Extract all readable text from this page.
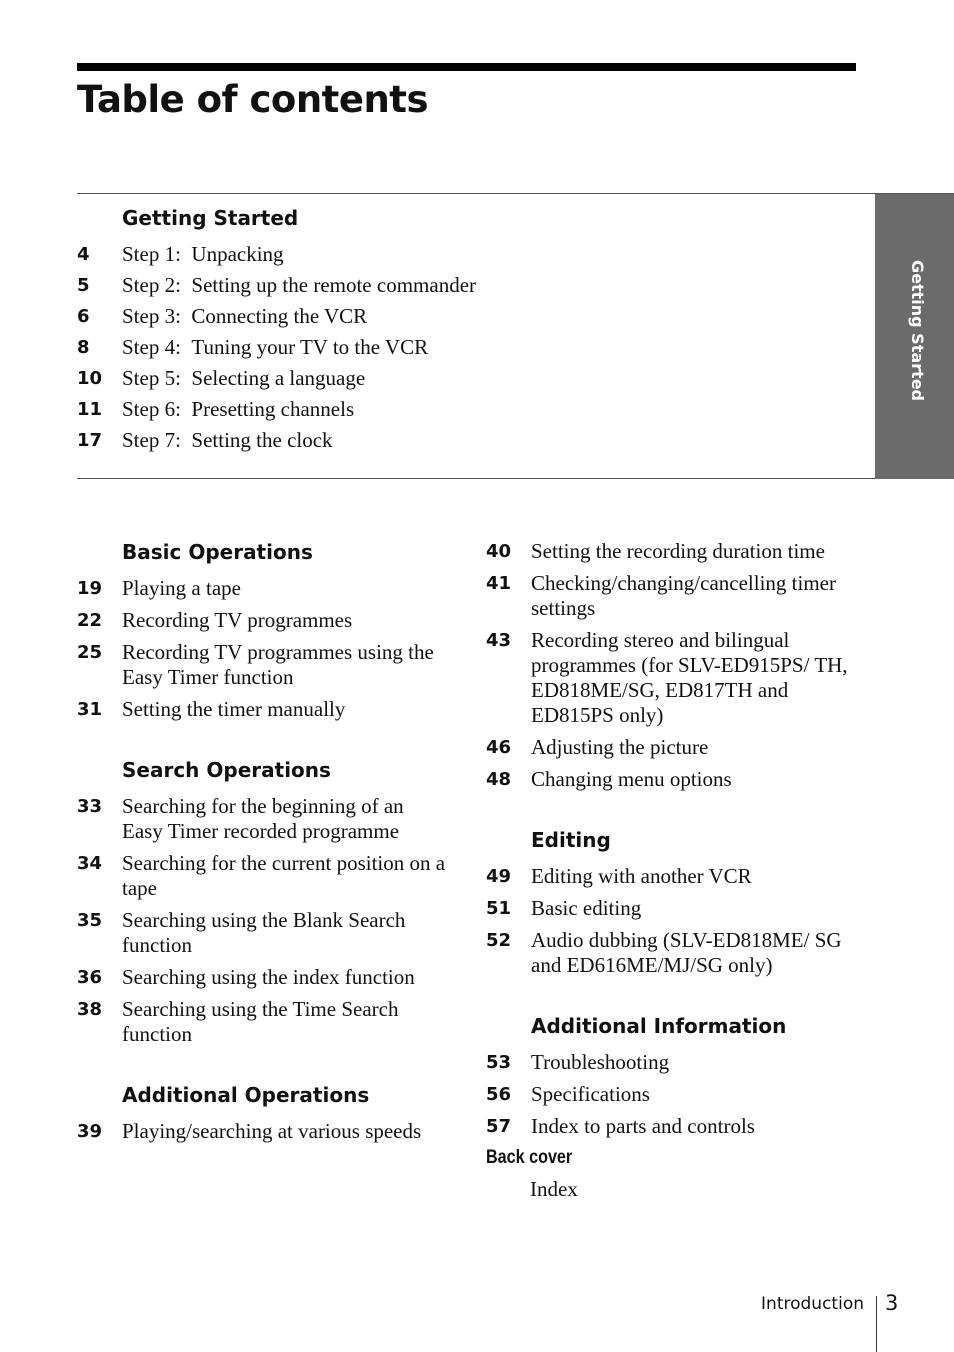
Table of contents
Getting Started
Getting Started
4	Step 1: Unpacking
5	Step 2: Setting up the remote commander
6	Step 3: Connecting the VCR
8	Step 4: Tuning your TV to the VCR
10 Step 5: Selecting a language
11 Step 6: Presetting channels
17 Step 7: Setting the clock
Basic Operations
19 Playing a tape
22 Recording TV programmes
25 Recording TV programmes using the Easy Timer function
31 Setting the timer manually
Search Operations
33 Searching for the beginning of an Easy Timer recorded programme
34 Searching for the current position on a tape
35 Searching using the Blank Search function
36 Searching using the index function
38 Searching using the Time Search function
Additional Operations
39 Playing/searching at various speeds
40 Setting the recording duration time
41 Checking/changing/cancelling timer settings
43 Recording stereo and bilingual programmes (for SLV-ED915PS/ TH, ED818ME/SG, ED817TH and ED815PS only)
46 Adjusting the picture
48 Changing menu options
Editing
49 Editing with another VCR
51 Basic editing
52 Audio dubbing (SLV-ED818ME/ SG and ED616ME/MJ/SG only)
Additional Information
53 Troubleshooting
56 Specifications
57 Index to parts and controls
Back cover
Index
Introduction 3
